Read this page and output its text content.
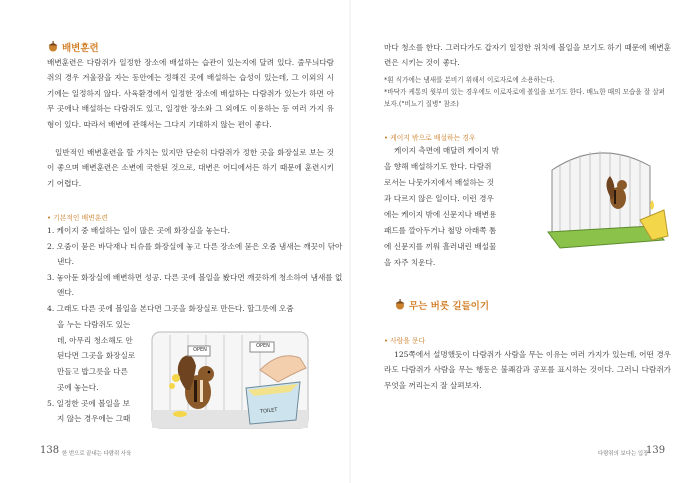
배변훈련

배변훈련은 다람쥐가 일정한 장소에 배설하는 습관이 있는지에 달려 있다. 줄무늬다람쥐의 경우 겨울잠을 자는 동안에는 정해진 곳에 배설하는 습성이 있는데, 그 이외의 시기에는 일정하지 않다. 사육환경에서 일정한 장소에 배설하는 다람쥐가 있는가 하면 아무 곳에나 배설하는 다람쥐도 있고, 일정한 장소와 그 외에도 이용하는 등 여러 가지 유형이 있다. 따라서 배변에 관해서는 그다지 기대하지 않는 편이 좋다.

일반적인 배변훈련을 할 가치는 있지만 단순히 다람쥐가 정한 곳을 화장실로 보는 것이 좋으며 배변훈련은 소변에 국한된 것으로, 대변은 어디에서든 하기 때문에 훈련시키기 어렵다.

• 기본적인 배변훈련
1. 케이지 중 배설하는 일이 많은 곳에 화장실을 놓는다.
2. 오줌이 묻은 바닥재나 티슈를 화장실에 놓고 다른 장소에 묻은 오줌 냄새는 깨끗이 닦아낸다.
3. 놓아둔 화장실에 배변하면 성공. 다른 곳에 볼일을 봤다면 깨끗하게 청소하여 냄새를 없앤다.
4. 그래도 다른 곳에 볼일을 본다면 그곳을 화장실로 만든다. 할그릇에 오줌
을 누는 다람쥐도 있는
데, 아무리 청소해도 안
된다면 그곳을 화장실로
만들고 밥그릇을 다른
곳에 놓는다.
5. 일정한 곳에 볼일을 보
지 않는 경우에는 그때
OPEN
OPEN
TOILET
138 한 번으로 끝내는 다람쥐 사육

마다 청소를 한다. 그러다가도 갑자기 일정한 위치에 볼일을 보기도 하기 때문에 배변훈련은 시키는 것이 좋다.

*흰 식가에는 냄새를 분비기 위해서 이로자로에 소용하는다.
*바닥가 케통의 윗부미 있는 경우에도 이로자로에 볼일을 보기도 한다. 배뇨한 때의 모습을 잘 살펴보자.("비뇨기 질병" 참조)
• 케이지 밖으로 배설하는 경우
케이지 측면에 매달려 케이지 밖
을 향해 배설하기도 한다. 다람쥐
로서는 나뭇가지에서 배설하는 것
과 다르지 않은 일이다. 이런 경우
에는 케이지 밖에 신문지나 배변용
패드를 깔아두거나 철망 아래쪽 톰
에 신문지를 끼워 흘러내린 배설물
을 자주 치운다.
무는 버릇 길들이기
• 사람을 문다

125쪽에서 설명했듯이 다람쥐가 사람을 무는 이유는 여러 가지가 있는데, 어떤 경우라도 다람쥐가 사람을 무는 행동은 불쾌감과 공포를 표시하는 것이다. 그러니 다람쥐가 무엇을 꺼리는지 잘 살펴보자.

다람쥐의 보다는 입장
139
